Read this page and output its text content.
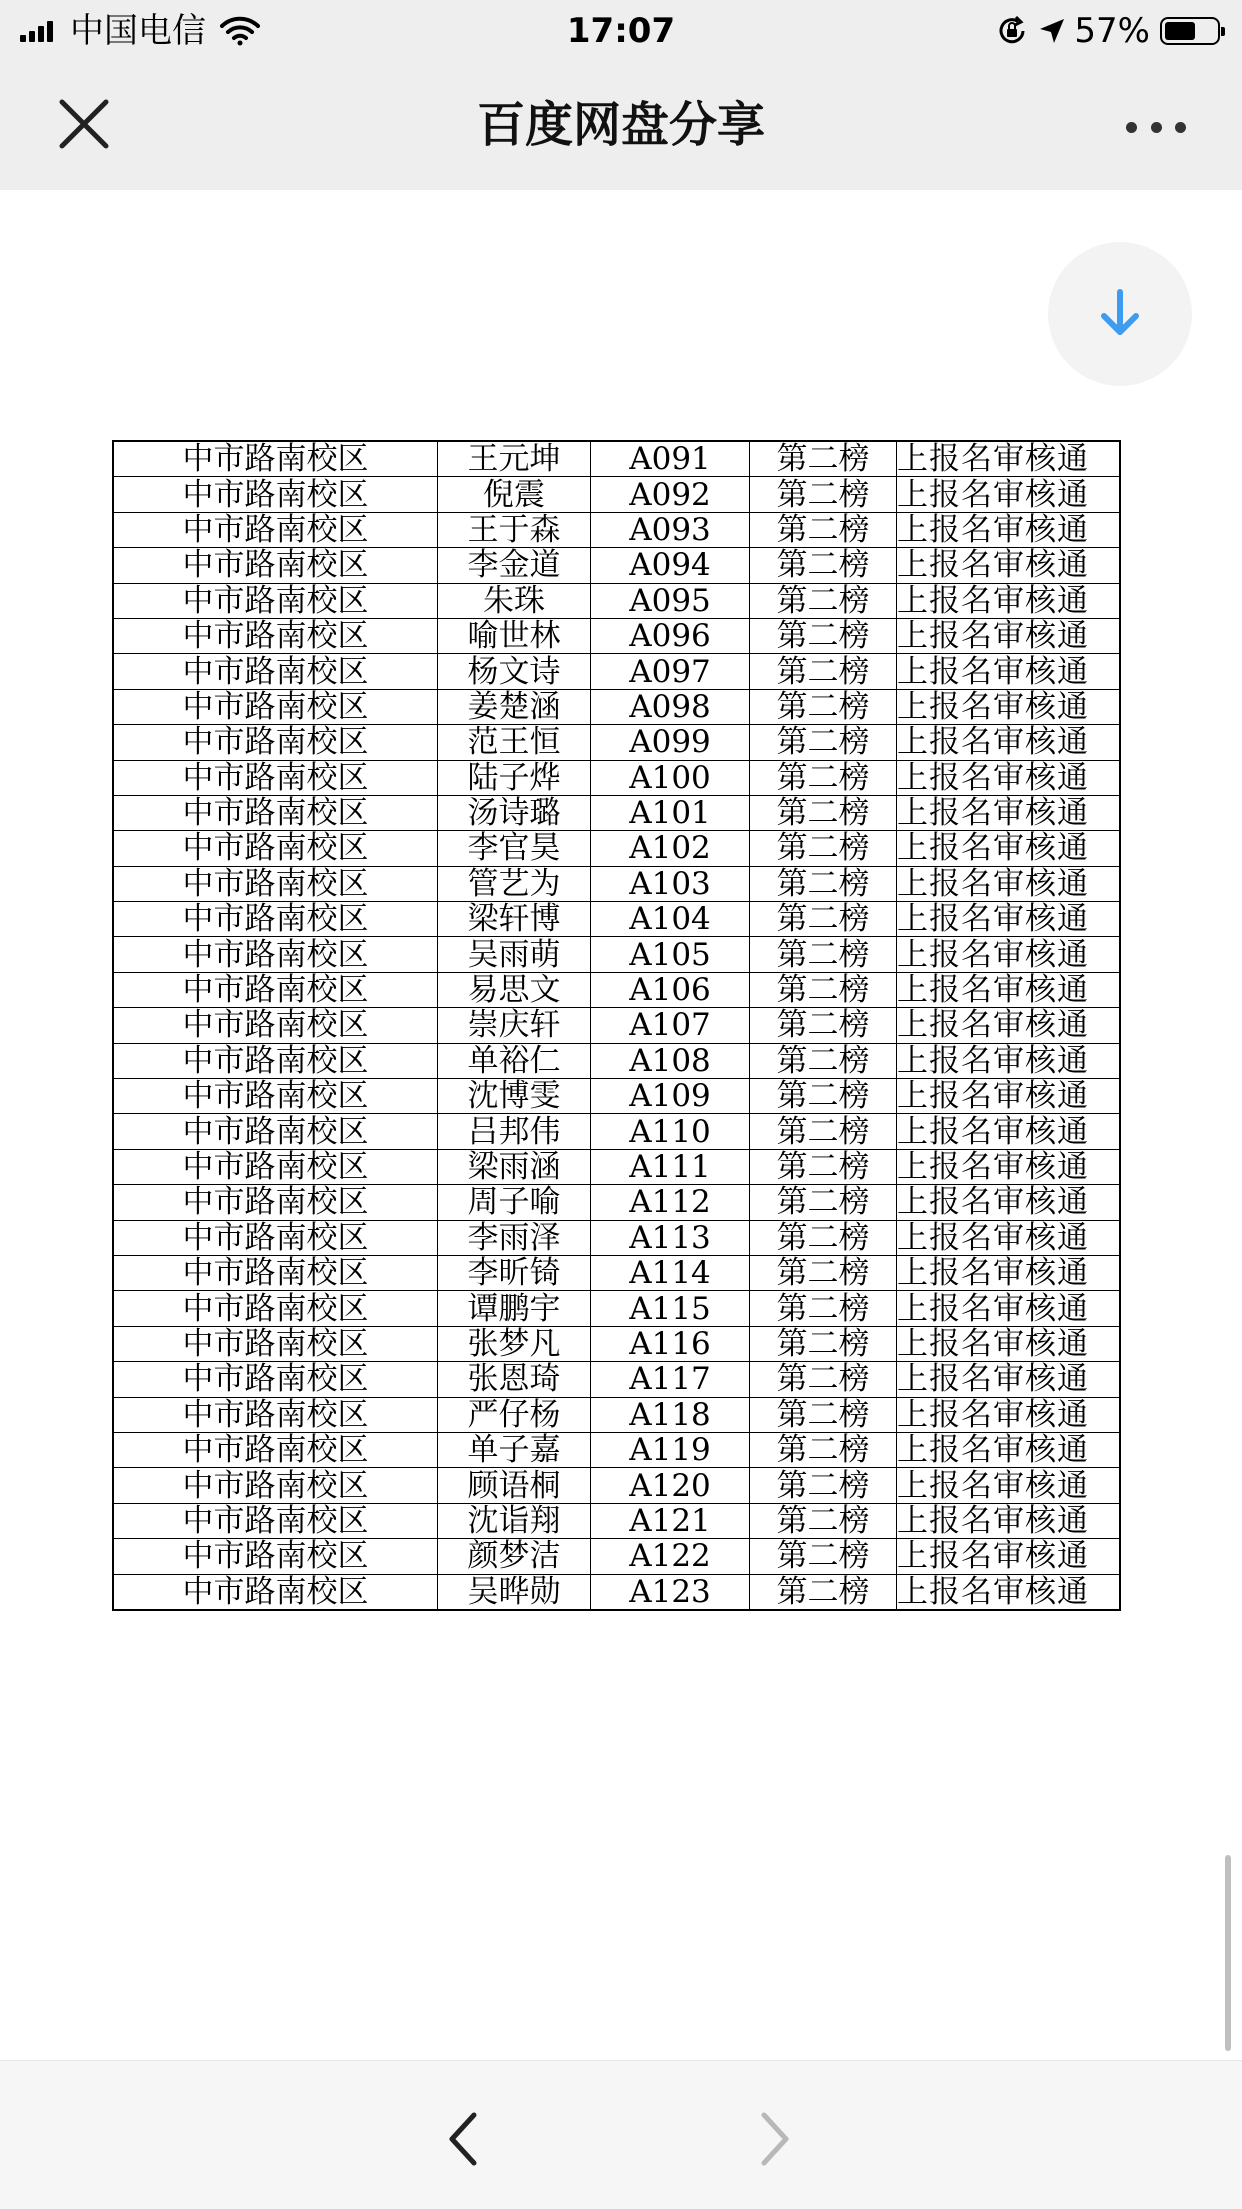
中国电信	17:07	57%
百度网盘分享
中市路南校区	王元坤	A091	第二榜	上报名审核通
中市路南校区	倪震	A092	第二榜	上报名审核通
中市路南校区	王于森	A093	第二榜	上报名审核通
中市路南校区	李金道	A094	第二榜	上报名审核通
中市路南校区	朱珠	A095	第二榜	上报名审核通
中市路南校区	喻世林	A096	第二榜	上报名审核通
中市路南校区	杨文诗	A097	第二榜	上报名审核通
中市路南校区	姜楚涵	A098	第二榜	上报名审核通
中市路南校区	范王恒	A099	第二榜	上报名审核通
中市路南校区	陆子烨	A100	第二榜	上报名审核通
中市路南校区	汤诗璐	A101	第二榜	上报名审核通
中市路南校区	李官昊	A102	第二榜	上报名审核通
中市路南校区	管艺为	A103	第二榜	上报名审核通
中市路南校区	梁轩博	A104	第二榜	上报名审核通
中市路南校区	吴雨萌	A105	第二榜	上报名审核通
中市路南校区	易思文	A106	第二榜	上报名审核通
中市路南校区	崇庆轩	A107	第二榜	上报名审核通
中市路南校区	单裕仁	A108	第二榜	上报名审核通
中市路南校区	沈博雯	A109	第二榜	上报名审核通
中市路南校区	吕邦伟	A110	第二榜	上报名审核通
中市路南校区	梁雨涵	A111	第二榜	上报名审核通
中市路南校区	周子喻	A112	第二榜	上报名审核通
中市路南校区	李雨泽	A113	第二榜	上报名审核通
中市路南校区	李昕锜	A114	第二榜	上报名审核通
中市路南校区	谭鹏宇	A115	第二榜	上报名审核通
中市路南校区	张梦凡	A116	第二榜	上报名审核通
中市路南校区	张恩琦	A117	第二榜	上报名审核通
中市路南校区	严仔杨	A118	第二榜	上报名审核通
中市路南校区	单子嘉	A119	第二榜	上报名审核通
中市路南校区	顾语桐	A120	第二榜	上报名审核通
中市路南校区	沈诣翔	A121	第二榜	上报名审核通
中市路南校区	颜梦洁	A122	第二榜	上报名审核通
中市路南校区	吴晔勋	A123	第二榜	上报名审核通
